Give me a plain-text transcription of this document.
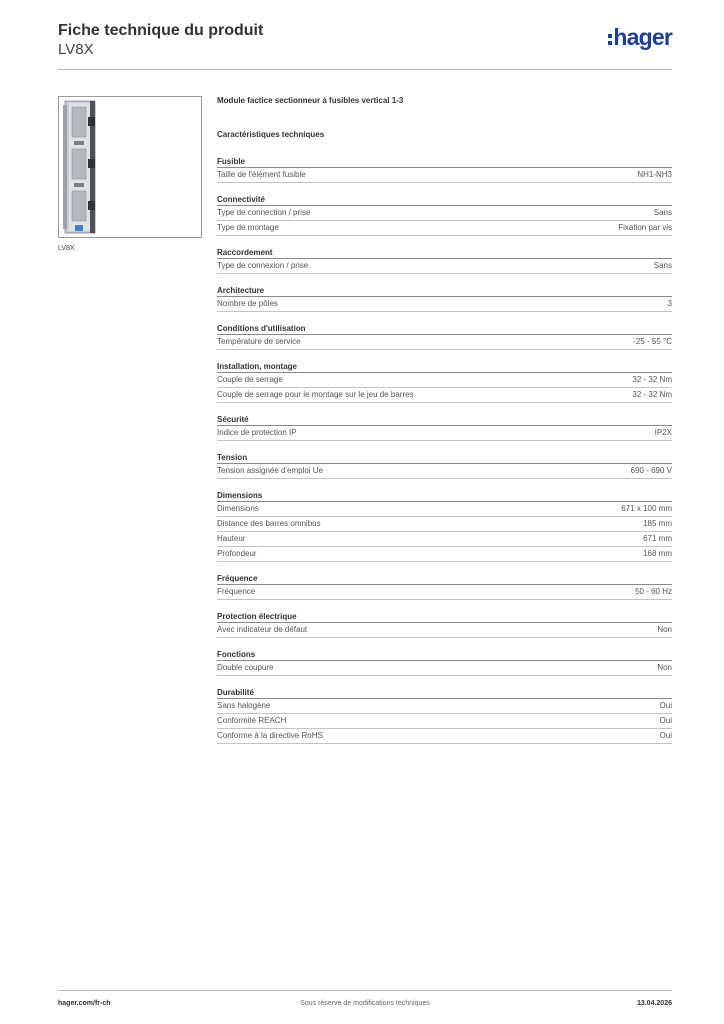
Fiche technique du produit
LV8X	hager
LV8X
Module factice sectionneur à fusibles vertical 1-3
Caractéristiques techniques
Fusible
Taille de l'élément fusible	NH1-NH3
Connectivité
Type de connection / prise	Sans
Type de montage	Fixation par vis
Raccordement
Type de connexion / prise	Sans
Architecture
Nombre de pôles	3
Conditions d'utilisation
Température de service	-25 - 55 °C
Installation, montage
Couple de serrage	32 - 32 Nm
Couple de serrage pour le montage sur le jeu de barres	32 - 32 Nm
Sécurité
Indice de protection IP	IP2X
Tension
Tension assignée d'emploi Ue	690 - 690 V
Dimensions
Dimensions	671 x 100 mm
Distance des barres omnibus	185 mm
Hauteur	671 mm
Profondeur	168 mm
Fréquence
Fréquence	50 - 60 Hz
Protection électrique
Avec indicateur de défaut	Non
Fonctions
Double coupure	Non
Durabilité
Sans halogène	Oui
Conformité REACH	Oui
Conforme à la directive RoHS	Oui
hager.com/fr-ch	Sous réserve de modifications techniques	13.04.2026
